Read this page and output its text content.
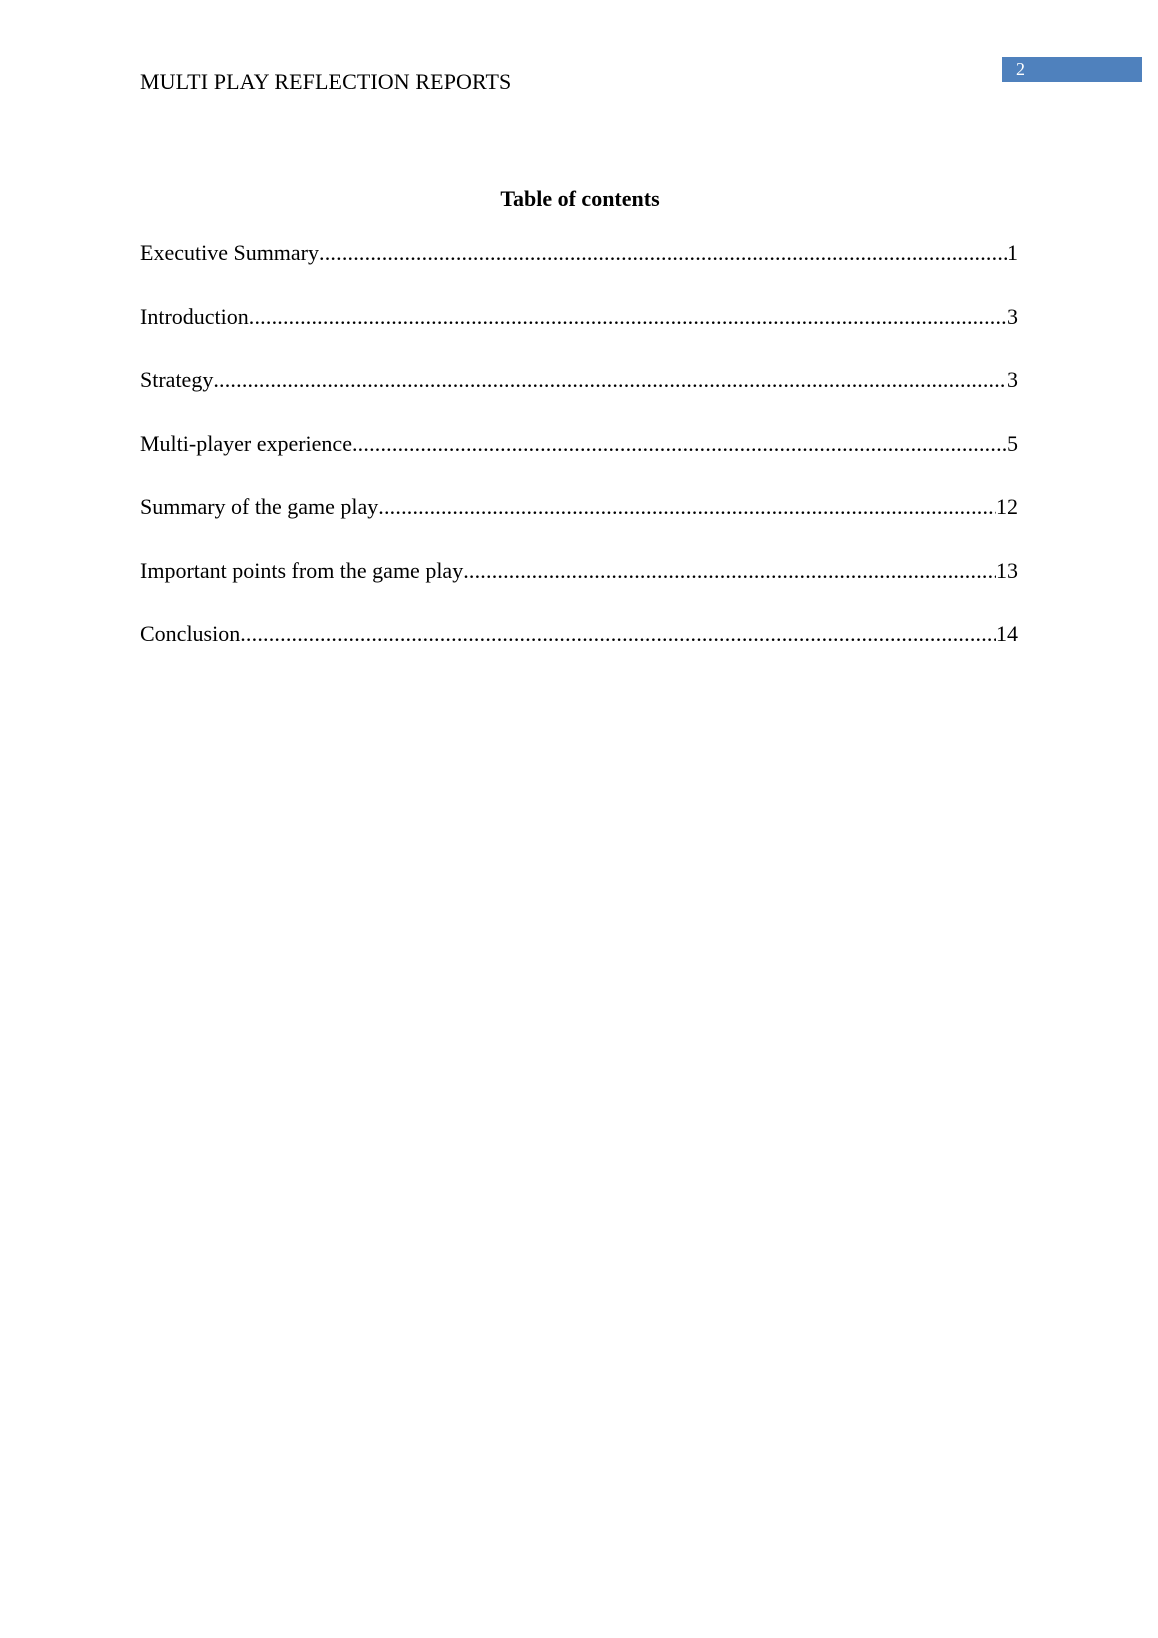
MULTI PLAY REFLECTION REPORTS	2
Table of contents
Executive Summary .....	1
Introduction .....	3
Strategy .....	3
Multi-player experience .....	5
Summary of the game play .....	12
Important points from the game play .....	13
Conclusion .....	14
